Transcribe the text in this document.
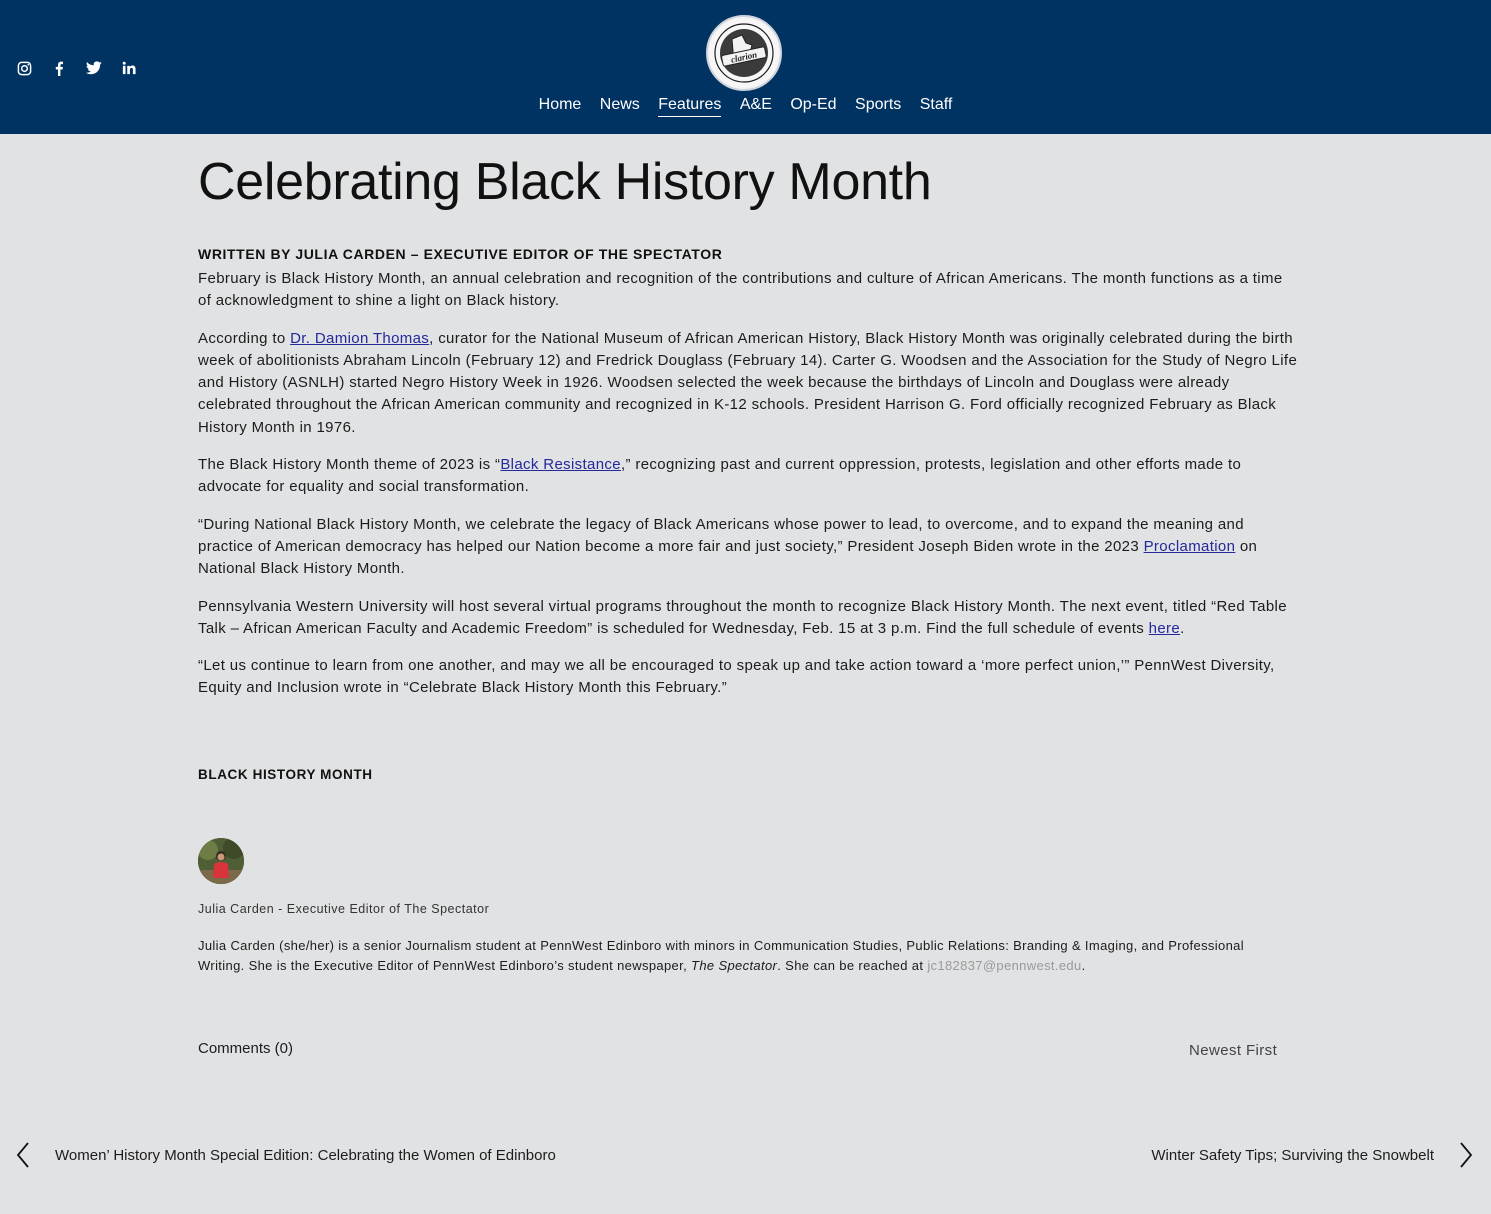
clarion
· · · · ·
Home News Features A&E Op-Ed Sports Staff
Celebrating Black History Month
WRITTEN BY JULIA CARDEN – EXECUTIVE EDITOR OF THE SPECTATOR

February is Black History Month, an annual celebration and recognition of the contributions and culture of African Americans. The month functions as a time of acknowledgment to shine a light on Black history.

According to Dr. Damion Thomas, curator for the National Museum of African American History, Black History Month was originally celebrated during the birth week of abolitionists Abraham Lincoln (February 12) and Fredrick Douglass (February 14). Carter G. Woodsen and the Association for the Study of Negro Life and History (ASNLH) started Negro History Week in 1926. Woodsen selected the week because the birthdays of Lincoln and Douglass were already celebrated throughout the African American community and recognized in K-12 schools. President Harrison G. Ford officially recognized February as Black History Month in 1976.

The Black History Month theme of 2023 is “Black Resistance,” recognizing past and current oppression, protests, legislation and other efforts made to advocate for equality and social transformation.

“During National Black History Month, we celebrate the legacy of Black Americans whose power to lead, to overcome, and to expand the meaning and practice of American democracy has helped our Nation become a more fair and just society,” President Joseph Biden wrote in the 2023 Proclamation on National Black History Month.

Pennsylvania Western University will host several virtual programs throughout the month to recognize Black History Month. The next event, titled “Red Table Talk – African American Faculty and Academic Freedom” is scheduled for Wednesday, Feb. 15 at 3 p.m. Find the full schedule of events here.

“Let us continue to learn from one another, and may we all be encouraged to speak up and take action toward a ‘more perfect union,’” PennWest Diversity, Equity and Inclusion wrote in “Celebrate Black History Month this February.”

BLACK HISTORY MONTH
Julia Carden - Executive Editor of The Spectator

Julia Carden (she/her) is a senior Journalism student at PennWest Edinboro with minors in Communication Studies, Public Relations: Branding & Imaging, and Professional Writing. She is the Executive Editor of PennWest Edinboro’s student newspaper, The Spectator. She can be reached at jc182837@pennwest.edu.

Comments (0)	Newest First
Women’ History Month Special Edition: Celebrating the Women of Edinboro	Winter Safety Tips; Surviving the Snowbelt
